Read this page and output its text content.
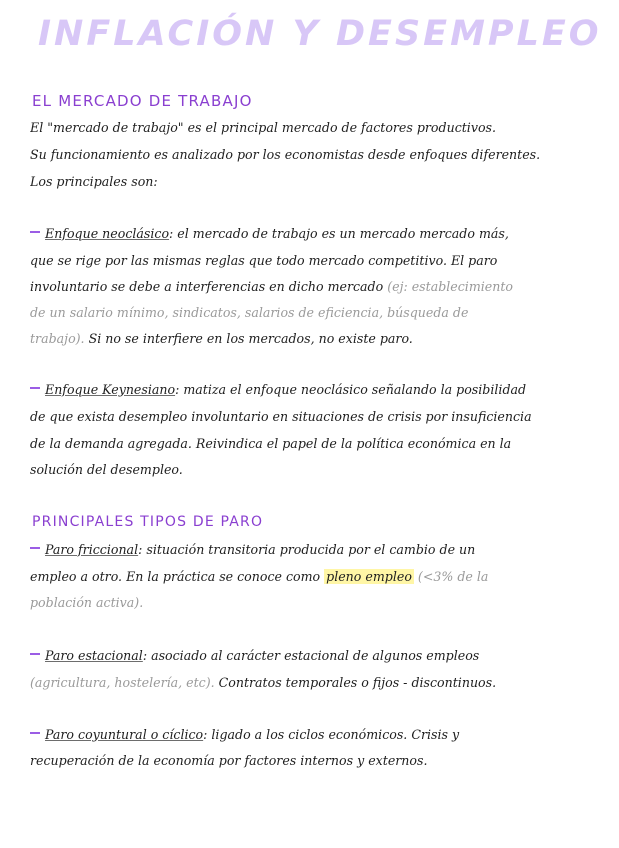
INFLACIÓN Y DESEMPLEO
EL MERCADO DE TRABAJO
El "mercado de trabajo" es el principal mercado de factores productivos.
Su funcionamiento es analizado por los economistas desde enfoques diferentes.
Los principales son:
Enfoque neoclásico: el mercado de trabajo es un mercado mercado más,
que se rige por las mismas reglas que todo mercado competitivo. El paro
involuntario se debe a interferencias en dicho mercado (ej: establecimiento
de un salario mínimo, sindicatos, salarios de eficiencia, búsqueda de
trabajo). Si no se interfiere en los mercados, no existe paro.
Enfoque Keynesiano: matiza el enfoque neoclásico señalando la posibilidad
de que exista desempleo involuntario en situaciones de crisis por insuficiencia
de la demanda agregada. Reivindica el papel de la política económica en la
solución del desempleo.
PRINCIPALES TIPOS DE PARO
Paro friccional: situación transitoria producida por el cambio de un
empleo a otro. En la práctica se conoce como pleno empleo (<3% de la
población activa).
Paro estacional: asociado al carácter estacional de algunos empleos
(agricultura, hostelería, etc). Contratos temporales o fijos - discontinuos.
Paro coyuntural o cíclico: ligado a los ciclos económicos. Crisis y
recuperación de la economía por factores internos y externos.
